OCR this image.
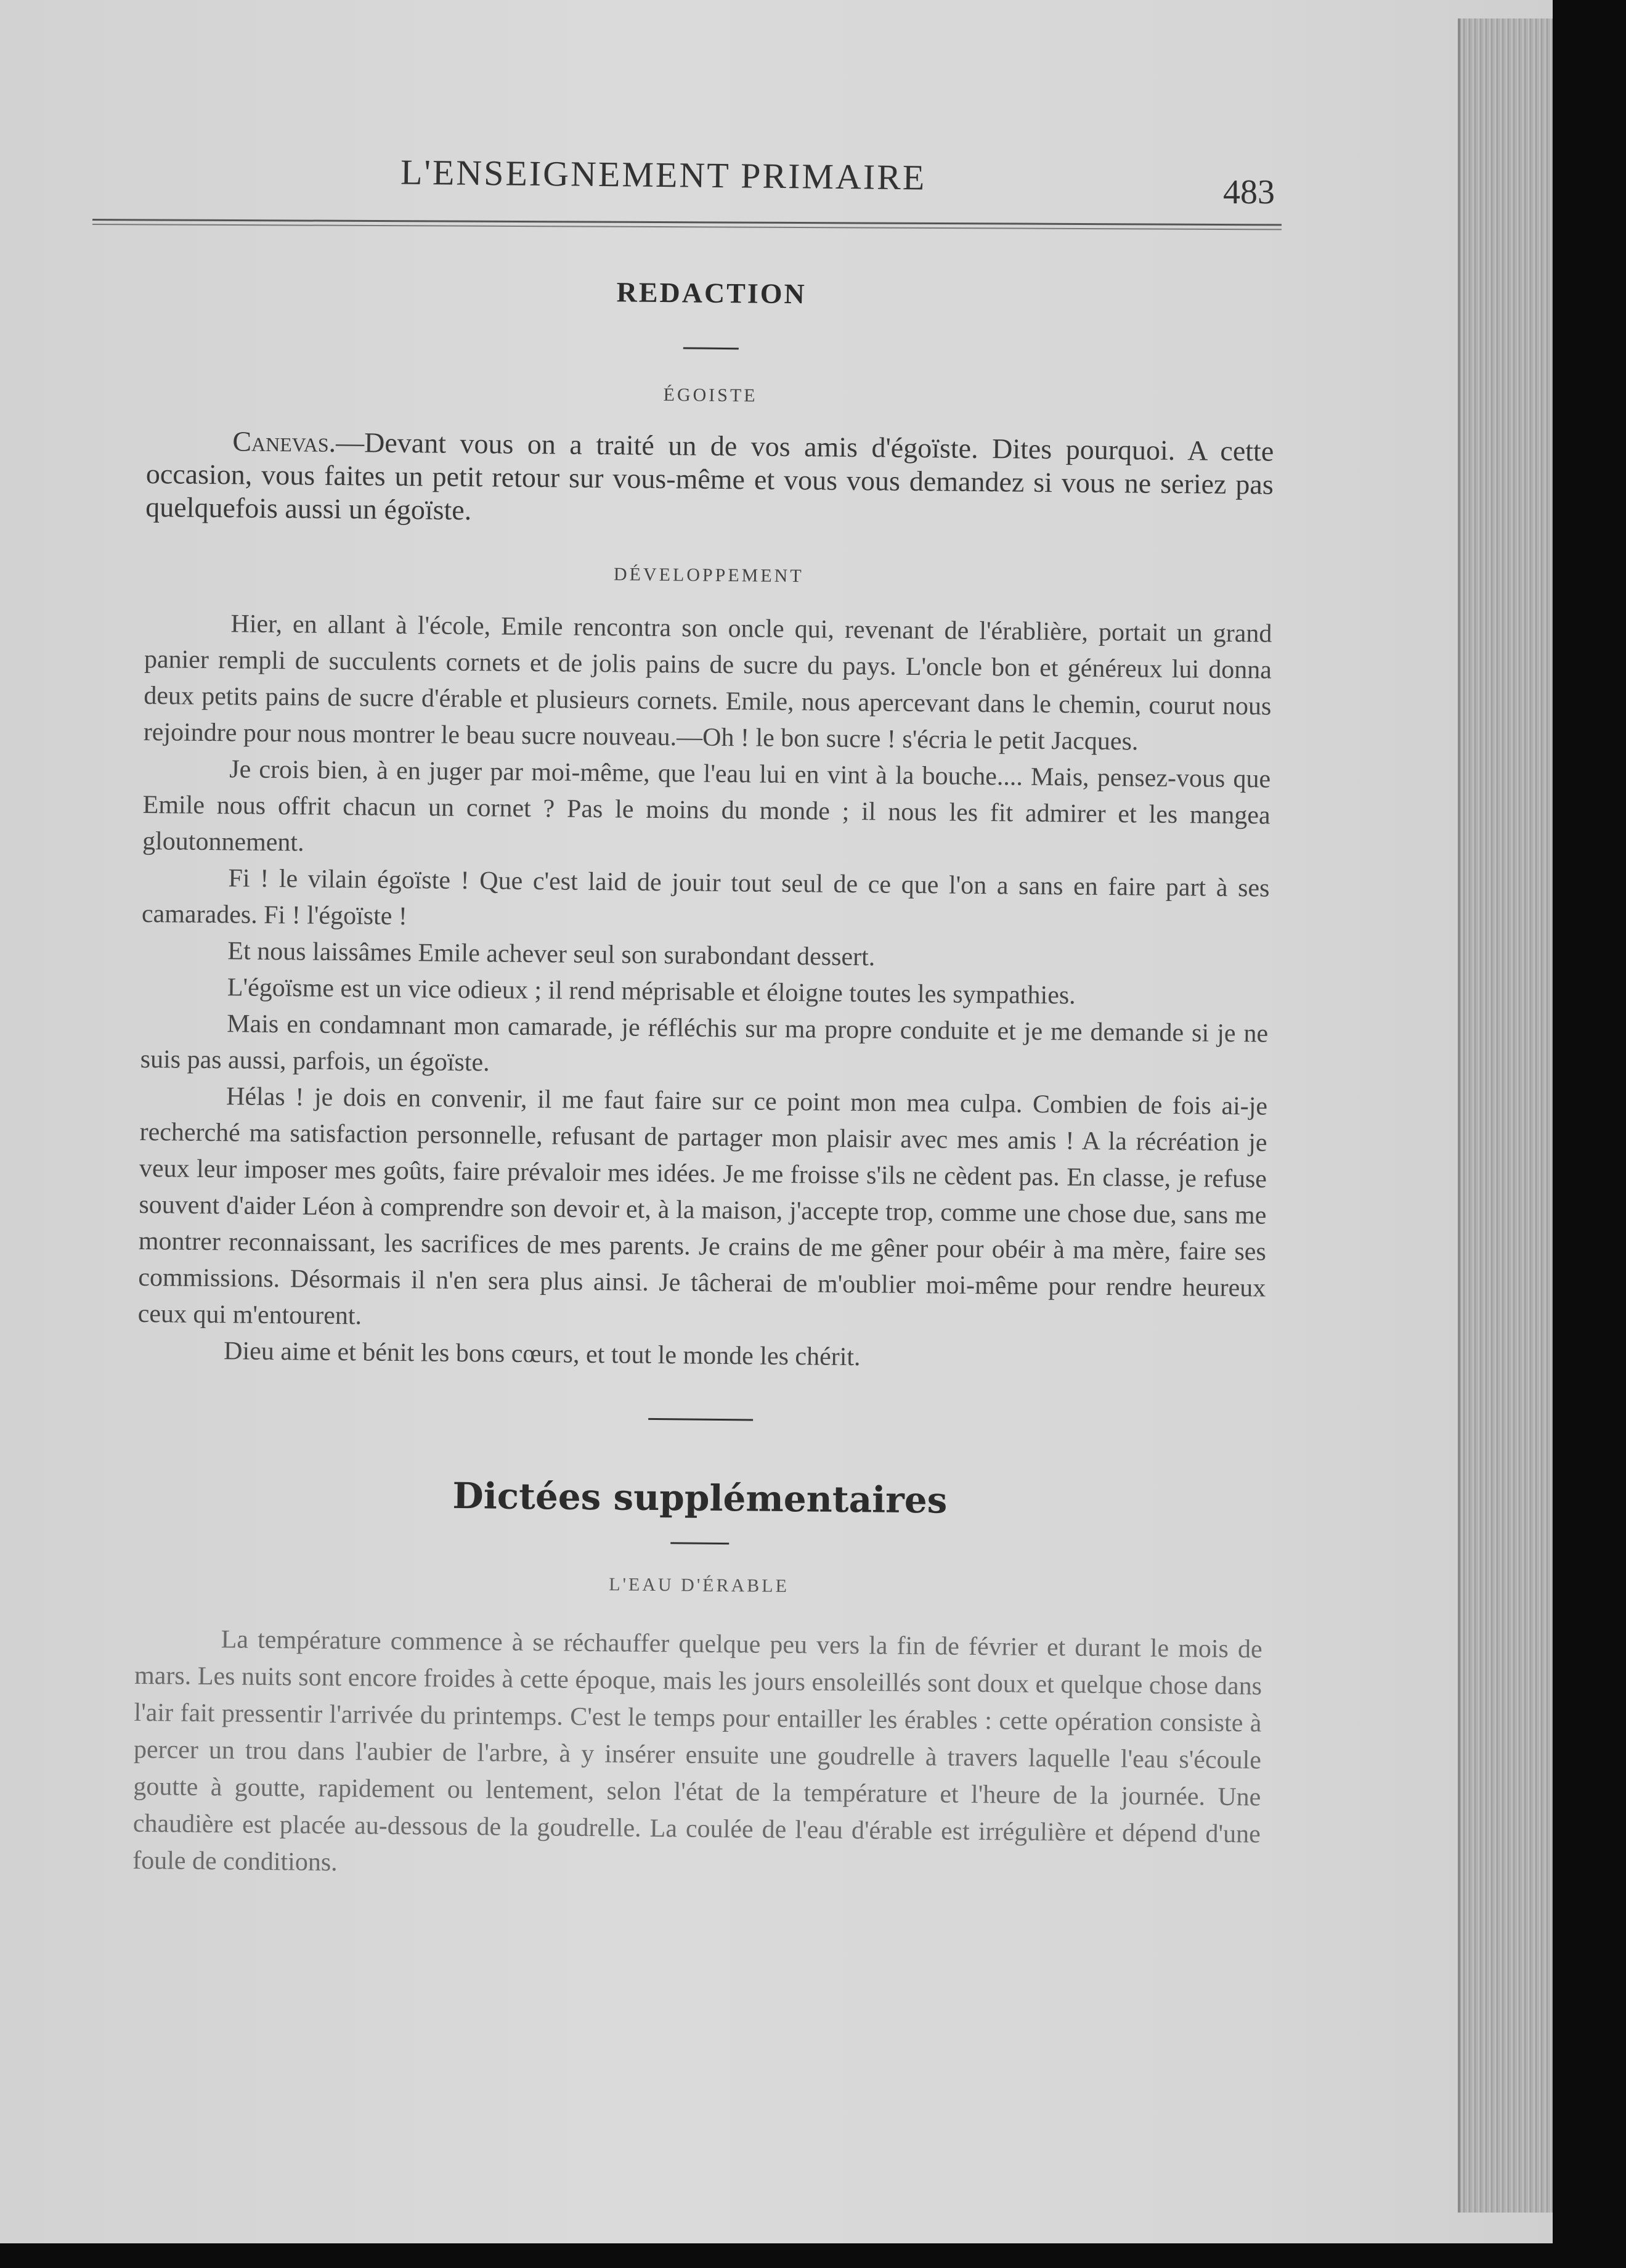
L'ENSEIGNEMENT PRIMAIRE	483
REDACTION
ÉGOISTE

Canevas.—Devant vous on a traité un de vos amis d'égoïste. Dites pourquoi. A cette occasion, vous faites un petit retour sur vous-même et vous vous demandez si vous ne seriez pas quelquefois aussi un égoïste.

DÉVELOPPEMENT

Hier, en allant à l'école, Emile rencontra son oncle qui, revenant de l'érablière, portait un grand panier rempli de succulents cornets et de jolis pains de sucre du pays. L'oncle bon et généreux lui donna deux petits pains de sucre d'érable et plusieurs cornets. Emile, nous apercevant dans le chemin, courut nous rejoindre pour nous montrer le beau sucre nouveau.—Oh ! le bon sucre ! s'écria le petit Jacques.

Je crois bien, à en juger par moi-même, que l'eau lui en vint à la bouche.... Mais, pensez-vous que Emile nous offrit chacun un cornet ? Pas le moins du monde ; il nous les fit admirer et les mangea gloutonnement.

Fi ! le vilain égoïste ! Que c'est laid de jouir tout seul de ce que l'on a sans en faire part à ses camarades. Fi ! l'égoïste !

Et nous laissâmes Emile achever seul son surabondant dessert.

L'égoïsme est un vice odieux ; il rend méprisable et éloigne toutes les sympathies.

Mais en condamnant mon camarade, je réfléchis sur ma propre conduite et je me demande si je ne suis pas aussi, parfois, un égoïste.

Hélas ! je dois en convenir, il me faut faire sur ce point mon mea culpa. Combien de fois ai-je recherché ma satisfaction personnelle, refusant de partager mon plaisir avec mes amis ! A la récréation je veux leur imposer mes goûts, faire prévaloir mes idées. Je me froisse s'ils ne cèdent pas. En classe, je refuse souvent d'aider Léon à comprendre son devoir et, à la maison, j'accepte trop, comme une chose due, sans me montrer reconnaissant, les sacrifices de mes parents. Je crains de me gêner pour obéir à ma mère, faire ses commissions. Désormais il n'en sera plus ainsi. Je tâcherai de m'oublier moi-même pour rendre heureux ceux qui m'entourent.

Dieu aime et bénit les bons cœurs, et tout le monde les chérit.

Dictées supplémentaires
L'EAU D'ÉRABLE

La température commence à se réchauffer quelque peu vers la fin de février et durant le mois de mars. Les nuits sont encore froides à cette époque, mais les jours ensoleillés sont doux et quelque chose dans l'air fait pressentir l'arrivée du printemps. C'est le temps pour entailler les érables : cette opération consiste à percer un trou dans l'aubier de l'arbre, à y insérer ensuite une goudrelle à travers laquelle l'eau s'écoule goutte à goutte, rapidement ou lentement, selon l'état de la température et l'heure de la journée. Une chaudière est placée au-dessous de la goudrelle. La coulée de l'eau d'érable est irrégulière et dépend d'une foule de conditions.
